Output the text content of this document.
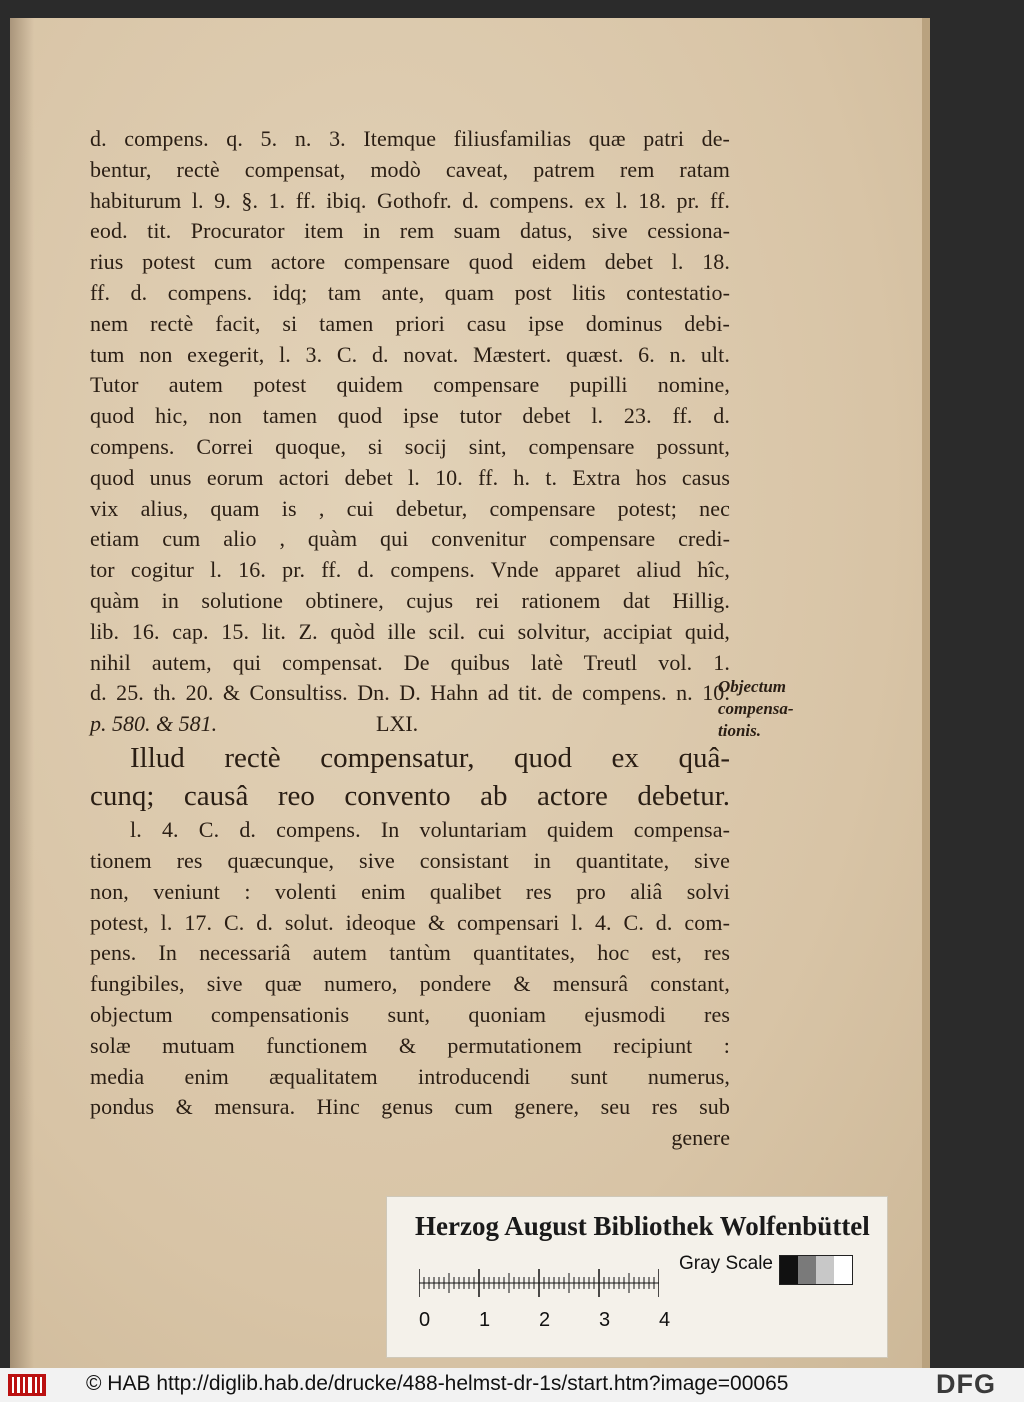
d. compens. q. 5. n. 3. Itemque filiusfamilias quæ patri de-
bentur, rectè compensat, modò caveat, patrem rem ratam
habiturum l. 9. §. 1. ff. ibiq. Gothofr. d. compens. ex l. 18. pr. ff.
eod. tit. Procurator item in rem suam datus, sive cessiona-
rius potest cum actore compensare quod eidem debet l. 18.
ff. d. compens. idq; tam ante, quam post litis contestatio-
nem rectè facit, si tamen priori casu ipse dominus debi-
tum non exegerit, l. 3. C. d. novat. Mæstert. quæst. 6. n. ult.
Tutor autem potest quidem compensare pupilli nomine,
quod hic, non tamen quod ipse tutor debet l. 23. ff. d.
compens. Correi quoque, si socij sint, compensare possunt,
quod unus eorum actori debet l. 10. ff. h. t. Extra hos casus
vix alius, quam is , cui debetur, compensare potest; nec
etiam cum alio , quàm qui convenitur compensare credi-
tor cogitur l. 16. pr. ff. d. compens. Vnde apparet aliud hîc,
quàm in solutione obtinere, cujus rei rationem dat Hillig.
lib. 16. cap. 15. lit. Z. quòd ille scil. cui solvitur, accipiat quid,
nihil autem, qui compensat. De quibus latè Treutl vol. 1.
d. 25. th. 20. & Consultiss. Dn. D. Hahn ad tit. de compens. n. 10.
p. 580. & 581.	LXI.
Illud rectè compensatur, quod ex quâ-
cunq; causâ reo convento ab actore debetur.
l. 4. C. d. compens. In voluntariam quidem compensa-
tionem res quæcunque, sive consistant in quantitate, sive
non, veniunt : volenti enim qualibet res pro aliâ solvi
potest, l. 17. C. d. solut. ideoque & compensari l. 4. C. d. com-
pens. In necessariâ autem tantùm quantitates, hoc est, res
fungibiles, sive quæ numero, pondere & mensurâ constant,
objectum compensationis sunt, quoniam ejusmodi res
solæ mutuam functionem & permutationem recipiunt :
media enim æqualitatem introducendi sunt numerus,
pondus & mensura. Hinc genus cum genere, seu res sub
genere
Objectum
compensa-
tionis.
Herzog August Bibliothek Wolfenbüttel
0 1 2 3 4
Gray Scale
© HAB http://diglib.hab.de/drucke/488-helmst-dr-1s/start.htm?image=00065	DFG
